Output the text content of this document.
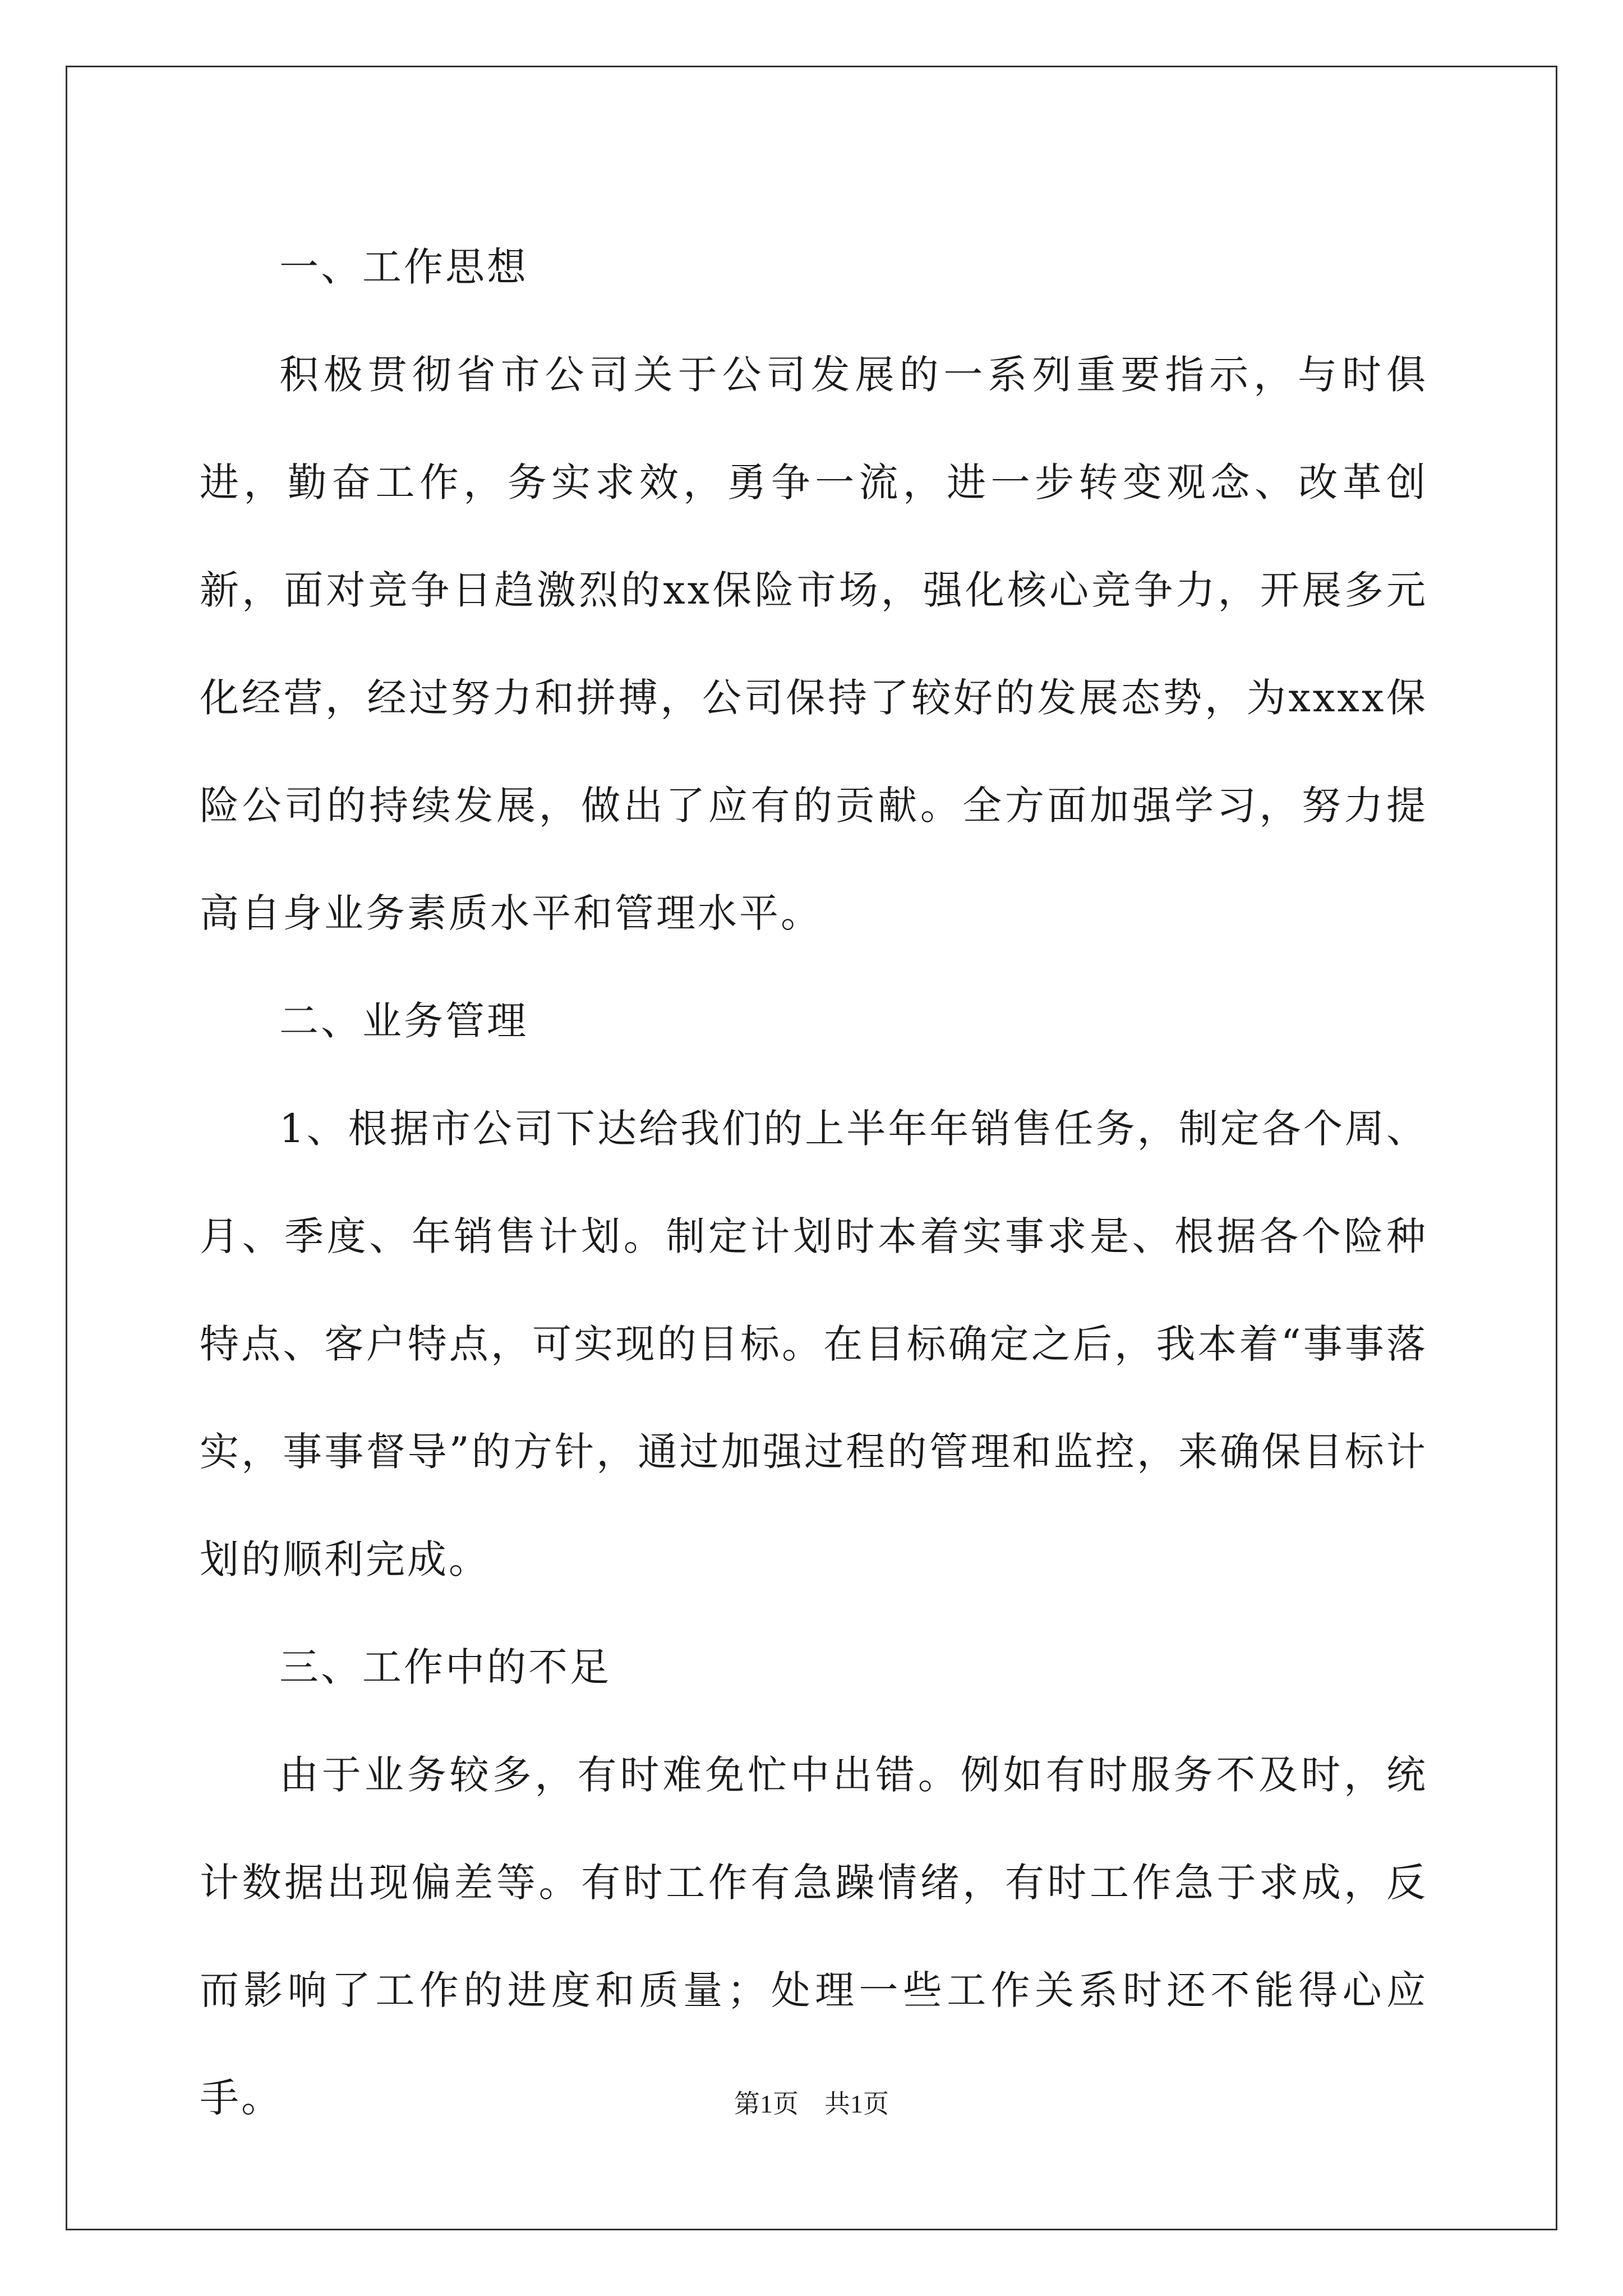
一、工作思想

积极贯彻省市公司关于公司发展的一系列重要指示，与时俱进，勤奋工作，务实求效，勇争一流，进一步转变观念、改革创新，面对竞争日趋激烈的xx保险市场，强化核心竞争力，开展多元化经营，经过努力和拼搏，公司保持了较好的发展态势，为xxxx保险公司的持续发展，做出了应有的贡献。全方面加强学习，努力提高自身业务素质水平和管理水平。

二、业务管理

1、根据市公司下达给我们的上半年年销售任务，制定各个周、月、季度、年销售计划。制定计划时本着实事求是、根据各个险种特点、客户特点，可实现的目标。在目标确定之后，我本着“事事落实，事事督导”的方针，通过加强过程的管理和监控，来确保目标计划的顺利完成。

三、工作中的不足

由于业务较多，有时难免忙中出错。例如有时服务不及时，统计数据出现偏差等。有时工作有急躁情绪，有时工作急于求成，反而影响了工作的进度和质量；处理一些工作关系时还不能得心应手。	第1页 共1页
